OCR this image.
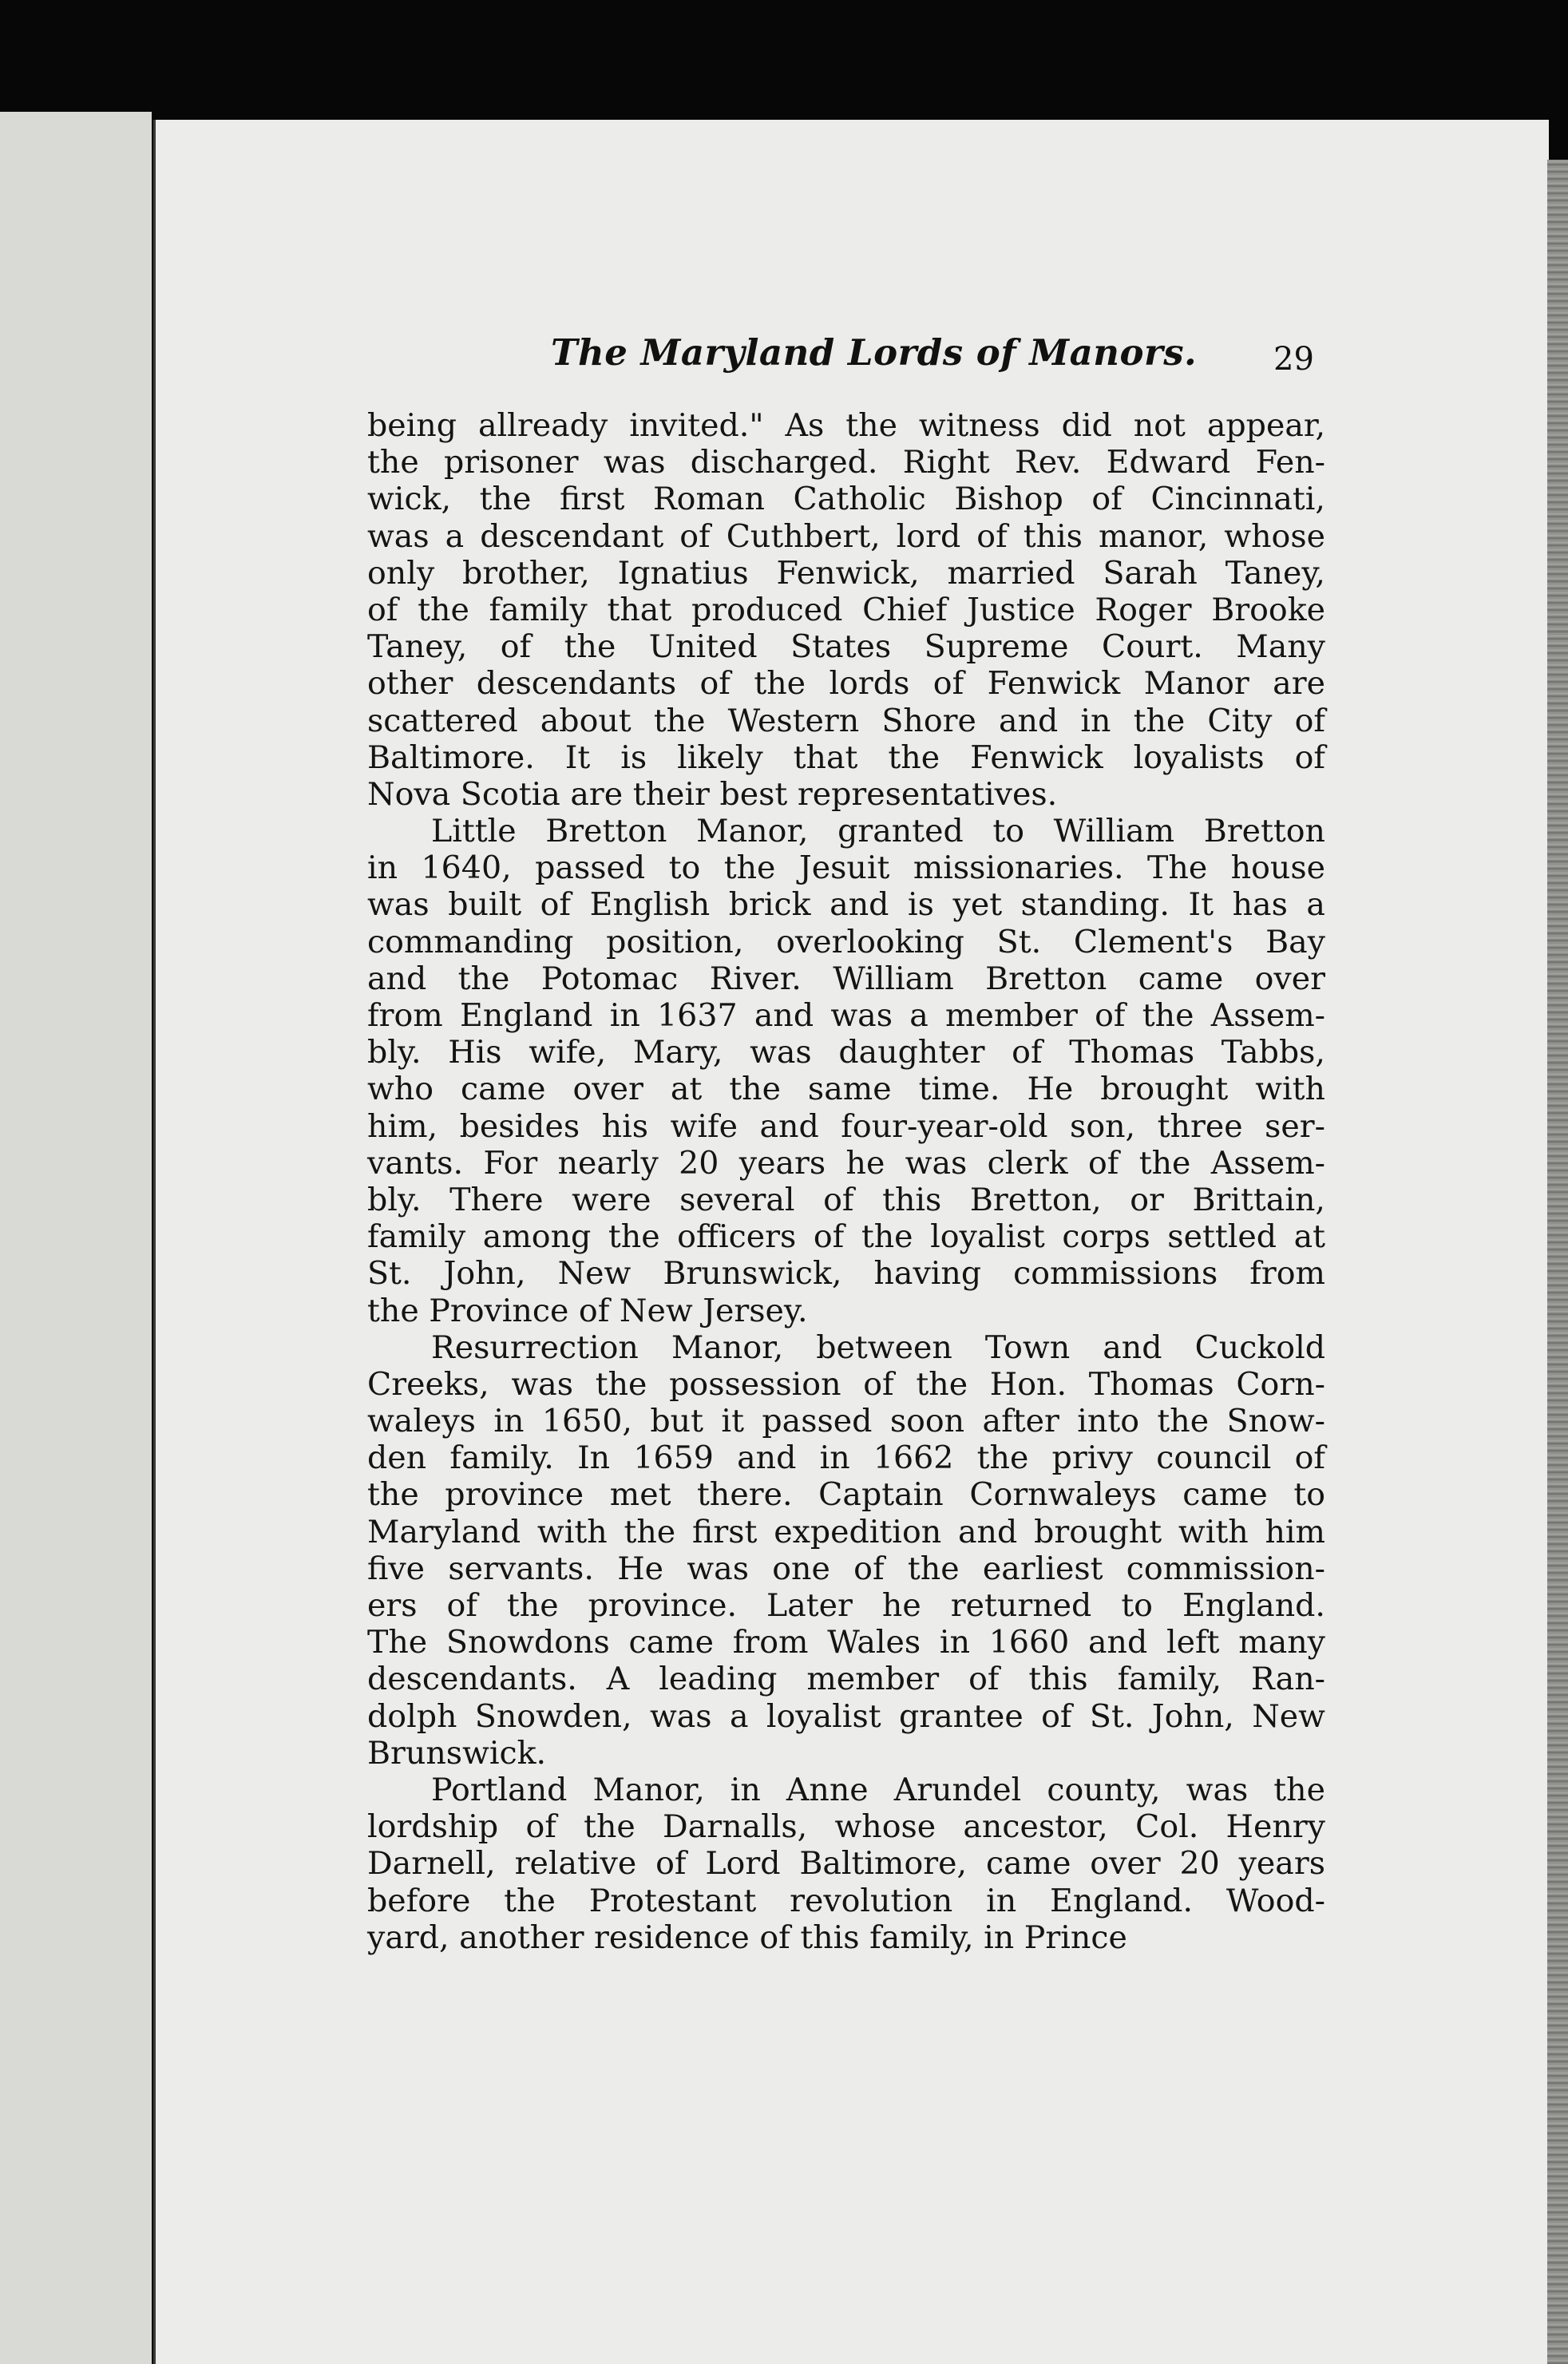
The Maryland Lords of Manors. 29

being allready invited." As the witness did not appear,
the prisoner was discharged. Right Rev. Edward Fen-
wick, the first Roman Catholic Bishop of Cincinnati,
was a descendant of Cuthbert, lord of this manor, whose
only brother, Ignatius Fenwick, married Sarah Taney,
of the family that produced Chief Justice Roger Brooke
Taney, of the United States Supreme Court. Many
other descendants of the lords of Fenwick Manor are
scattered about the Western Shore and in the City of
Baltimore. It is likely that the Fenwick loyalists of
Nova Scotia are their best representatives.

Little Bretton Manor, granted to William Bretton
in 1640, passed to the Jesuit missionaries. The house
was built of English brick and is yet standing. It has a
commanding position, overlooking St. Clement's Bay
and the Potomac River. William Bretton came over
from England in 1637 and was a member of the Assem-
bly. His wife, Mary, was daughter of Thomas Tabbs,
who came over at the same time. He brought with
him, besides his wife and four-year-old son, three ser-
vants. For nearly 20 years he was clerk of the Assem-
bly. There were several of this Bretton, or Brittain,
family among the officers of the loyalist corps settled at
St. John, New Brunswick, having commissions from
the Province of New Jersey.

Resurrection Manor, between Town and Cuckold
Creeks, was the possession of the Hon. Thomas Corn-
waleys in 1650, but it passed soon after into the Snow-
den family. In 1659 and in 1662 the privy council of
the province met there. Captain Cornwaleys came to
Maryland with the first expedition and brought with him
five servants. He was one of the earliest commission-
ers of the province. Later he returned to England.
The Snowdons came from Wales in 1660 and left many
descendants. A leading member of this family, Ran-
dolph Snowden, was a loyalist grantee of St. John, New
Brunswick.

Portland Manor, in Anne Arundel county, was the
lordship of the Darnalls, whose ancestor, Col. Henry
Darnell, relative of Lord Baltimore, came over 20 years
before the Protestant revolution in England. Wood-
yard, another residence of this family, in Prince
